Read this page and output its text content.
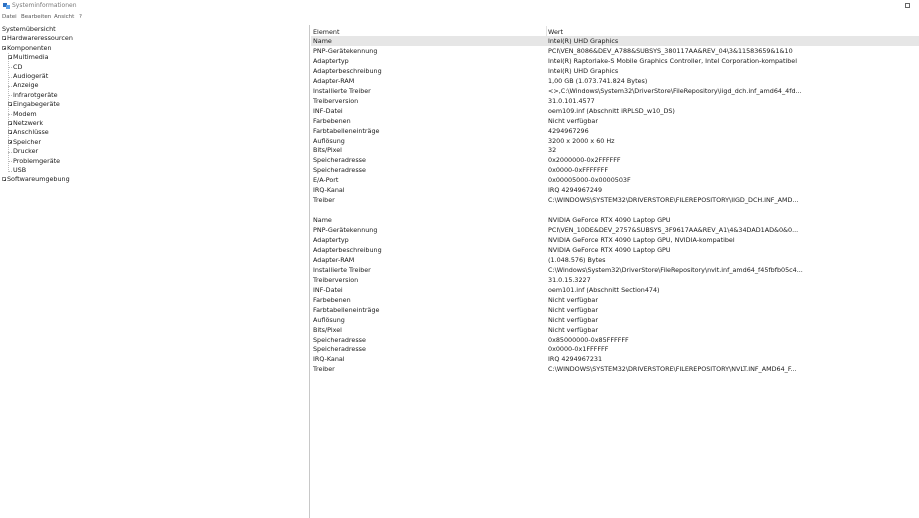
Systeminformationen
Datei Bearbeiten Ansicht ?
Systemübersicht
Hardwareressourcen
Komponenten
Multimedia
CD
Audiogerät
Anzeige
Infrarotgeräte
Eingabegeräte
Modem
Netzwerk
Anschlüsse
Speicher
Drucker
Problemgeräte
USB
Softwareumgebung
Element	Wert
Name	Intel(R) UHD Graphics
PNP-Gerätekennung	PCI\VEN_8086&DEV_A788&SUBSYS_380117AA&REV_04\3&11583659&1&10
Adaptertyp	Intel(R) Raptorlake-S Mobile Graphics Controller, Intel Corporation-kompatibel
Adapterbeschreibung	Intel(R) UHD Graphics
Adapter-RAM	1,00 GB (1.073.741.824 Bytes)
Installierte Treiber	<>,C:\Windows\System32\DriverStore\FileRepository\iigd_dch.inf_amd64_4fd...
Treiberversion	31.0.101.4577
INF-Datei	oem109.inf (Abschnitt iRPLSD_w10_DS)
Farbebenen	Nicht verfügbar
Farbtabelleneinträge	4294967296
Auflösung	3200 x 2000 x 60 Hz
Bits/Pixel	32
Speicheradresse	0x2000000-0x2FFFFFF
Speicheradresse	0x0000-0xFFFFFFF
E/A-Port	0x00005000-0x0000503F
IRQ-Kanal	IRQ 4294967249
Treiber	C:\WINDOWS\SYSTEM32\DRIVERSTORE\FILEREPOSITORY\IIGD_DCH.INF_AMD...
Name	NVIDIA GeForce RTX 4090 Laptop GPU
PNP-Gerätekennung	PCI\VEN_10DE&DEV_2757&SUBSYS_3F9617AA&REV_A1\4&34DAD1AD&0&0...
Adaptertyp	NVIDIA GeForce RTX 4090 Laptop GPU, NVIDIA-kompatibel
Adapterbeschreibung	NVIDIA GeForce RTX 4090 Laptop GPU
Adapter-RAM	(1.048.576) Bytes
Installierte Treiber	C:\Windows\System32\DriverStore\FileRepository\nvlt.inf_amd64_f45fbfb05c4...
Treiberversion	31.0.15.3227
INF-Datei	oem101.inf (Abschnitt Section474)
Farbebenen	Nicht verfügbar
Farbtabelleneinträge	Nicht verfügbar
Auflösung	Nicht verfügbar
Bits/Pixel	Nicht verfügbar
Speicheradresse	0x85000000-0x85FFFFFF
Speicheradresse	0x0000-0x1FFFFFF
IRQ-Kanal	IRQ 4294967231
Treiber	C:\WINDOWS\SYSTEM32\DRIVERSTORE\FILEREPOSITORY\NVLT.INF_AMD64_F...
